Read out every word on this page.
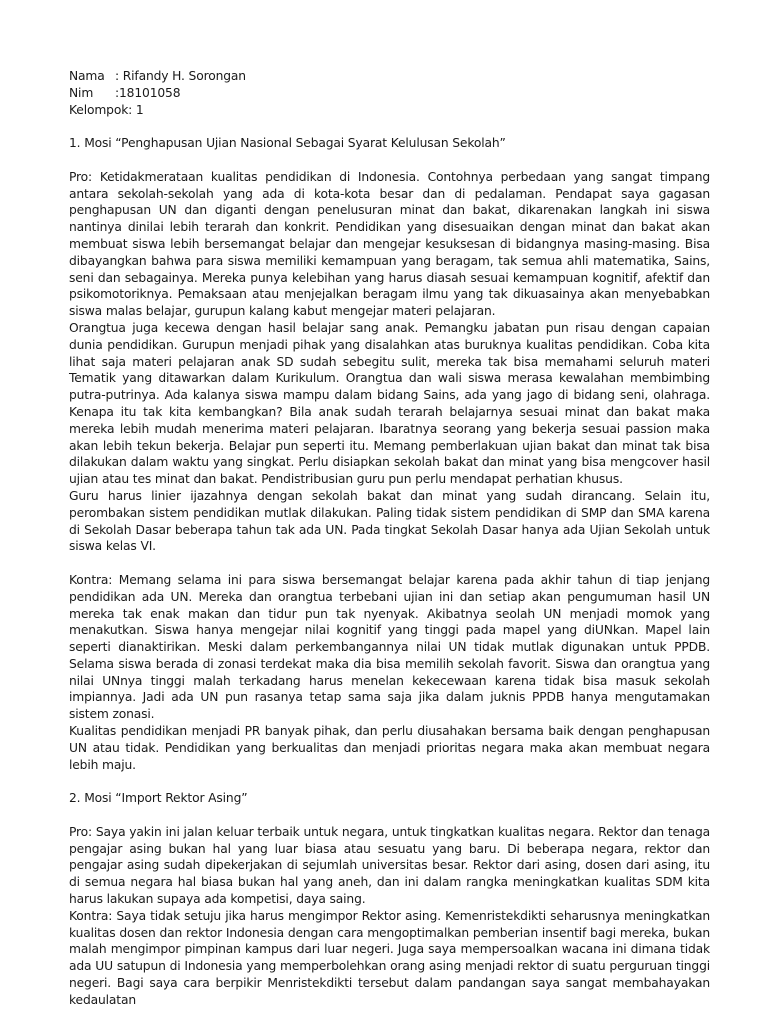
Nama : Rifandy H. Sorongan
Nim	:18101058
Kelompok: 1
1. Mosi “Penghapusan Ujian Nasional Sebagai Syarat Kelulusan Sekolah”

Pro: Ketidakmerataan kualitas pendidikan di Indonesia. Contohnya perbedaan yang sangat timpang antara sekolah-sekolah yang ada di kota-kota besar dan di pedalaman. Pendapat saya gagasan penghapusan UN dan diganti dengan penelusuran minat dan bakat, dikarenakan langkah ini siswa nantinya dinilai lebih terarah dan konkrit. Pendidikan yang disesuaikan dengan minat dan bakat akan membuat siswa lebih bersemangat belajar dan mengejar kesuksesan di bidangnya masing-masing. Bisa dibayangkan bahwa para siswa memiliki kemampuan yang beragam, tak semua ahli matematika, Sains, seni dan sebagainya. Mereka punya kelebihan yang harus diasah sesuai kemampuan kognitif, afektif dan psikomotoriknya. Pemaksaan atau menjejalkan beragam ilmu yang tak dikuasainya akan menyebabkan siswa malas belajar, gurupun kalang kabut mengejar materi pelajaran.

Orangtua juga kecewa dengan hasil belajar sang anak. Pemangku jabatan pun risau dengan capaian dunia pendidikan. Gurupun menjadi pihak yang disalahkan atas buruknya kualitas pendidikan. Coba kita lihat saja materi pelajaran anak SD sudah sebegitu sulit, mereka tak bisa memahami seluruh materi Tematik yang ditawarkan dalam Kurikulum. Orangtua dan wali siswa merasa kewalahan membimbing putra-putrinya. Ada kalanya siswa mampu dalam bidang Sains, ada yang jago di bidang seni, olahraga. Kenapa itu tak kita kembangkan? Bila anak sudah terarah belajarnya sesuai minat dan bakat maka mereka lebih mudah menerima materi pelajaran. Ibaratnya seorang yang bekerja sesuai passion maka akan lebih tekun bekerja. Belajar pun seperti itu. Memang pemberlakuan ujian bakat dan minat tak bisa dilakukan dalam waktu yang singkat. Perlu disiapkan sekolah bakat dan minat yang bisa mengcover hasil ujian atau tes minat dan bakat. Pendistribusian guru pun perlu mendapat perhatian khusus.

Guru harus linier ijazahnya dengan sekolah bakat dan minat yang sudah dirancang. Selain itu, perombakan sistem pendidikan mutlak dilakukan. Paling tidak sistem pendidikan di SMP dan SMA karena di Sekolah Dasar beberapa tahun tak ada UN. Pada tingkat Sekolah Dasar hanya ada Ujian Sekolah untuk siswa kelas VI.

Kontra: Memang selama ini para siswa bersemangat belajar karena pada akhir tahun di tiap jenjang pendidikan ada UN. Mereka dan orangtua terbebani ujian ini dan setiap akan pengumuman hasil UN mereka tak enak makan dan tidur pun tak nyenyak. Akibatnya seolah UN menjadi momok yang menakutkan. Siswa hanya mengejar nilai kognitif yang tinggi pada mapel yang diUNkan. Mapel lain seperti dianaktirikan. Meski dalam perkembangannya nilai UN tidak mutlak digunakan untuk PPDB. Selama siswa berada di zonasi terdekat maka dia bisa memilih sekolah favorit. Siswa dan orangtua yang nilai UNnya tinggi malah terkadang harus menelan kekecewaan karena tidak bisa masuk sekolah impiannya. Jadi ada UN pun rasanya tetap sama saja jika dalam juknis PPDB hanya mengutamakan sistem zonasi.

Kualitas pendidikan menjadi PR banyak pihak, dan perlu diusahakan bersama baik dengan penghapusan UN atau tidak. Pendidikan yang berkualitas dan menjadi prioritas negara maka akan membuat negara lebih maju.

2. Mosi “Import Rektor Asing”

Pro: Saya yakin ini jalan keluar terbaik untuk negara, untuk tingkatkan kualitas negara. Rektor dan tenaga pengajar asing bukan hal yang luar biasa atau sesuatu yang baru. Di beberapa negara, rektor dan pengajar asing sudah dipekerjakan di sejumlah universitas besar. Rektor dari asing, dosen dari asing, itu di semua negara hal biasa bukan hal yang aneh, dan ini dalam rangka meningkatkan kualitas SDM kita harus lakukan supaya ada kompetisi, daya saing.

Kontra: Saya tidak setuju jika harus mengimpor Rektor asing. Kemenristekdikti seharusnya meningkatkan kualitas dosen dan rektor Indonesia dengan cara mengoptimalkan pemberian insentif bagi mereka, bukan malah mengimpor pimpinan kampus dari luar negeri. Juga saya mempersoalkan wacana ini dimana tidak ada UU satupun di Indonesia yang memperbolehkan orang asing menjadi rektor di suatu perguruan tinggi negeri. Bagi saya cara berpikir Menristekdikti tersebut dalam pandangan saya sangat membahayakan kedaulatan
